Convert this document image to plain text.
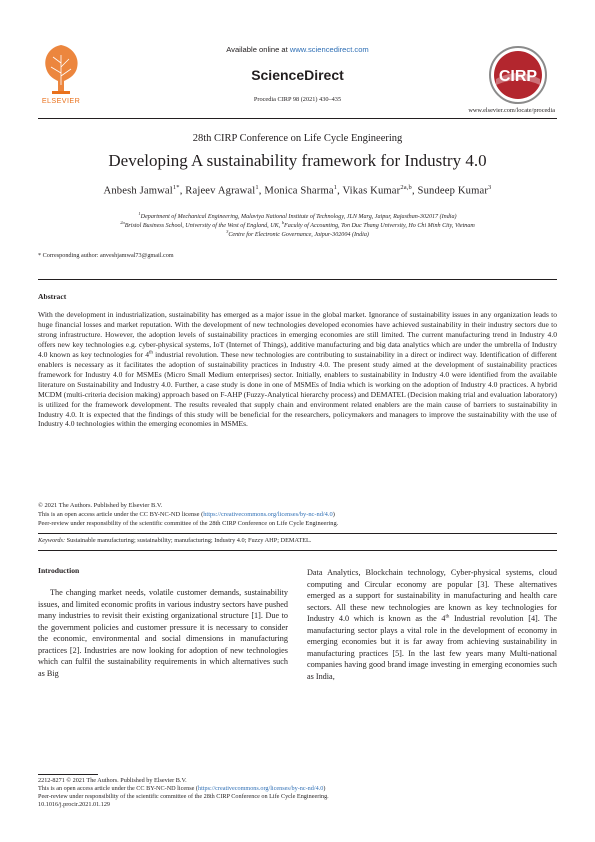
ELSEVIER
Available online at www.sciencedirect.com
ScienceDirect
Procedia CIRP 98 (2021) 430–435
CIRP
www.elsevier.com/locate/procedia
28th CIRP Conference on Life Cycle Engineering
Developing A sustainability framework for Industry 4.0
Anbesh Jamwal$^{1*}$, Rajeev Agrawal$^1$, Monica Sharma$^1$, Vikas Kumar$^{2a,b}$, Sundeep Kumar$^3$
$^1$Department of Mechanical Engineering, Malaviya National Institute of Technology, JLN Marg, Jaipur, Rajasthan-302017 (India)
$^{2a}$Bristol Business School, University of the West of England, UK, $^b$Faculty of Accounting, Ton Duc Thang University, Ho Chi Minh City, Vietnam
$^3$Centre for Electronic Governance, Jaipur-302004 (India)
* Corresponding author: anveshjamwal73@gmail.com
Abstract
With the development in industrialization, sustainability has emerged as a major issue in the global market. Ignorance of sustainability issues in any organization leads to huge financial losses and market reputation. With the development of new technologies developed economies have achieved sustainability in their industry sectors due to strong infrastructure. However, the adoption levels of sustainability practices in emerging economies are still limited. The current manufacturing trend in Industry 4.0 offers new key technologies e.g. cyber-physical systems, IoT (Internet of Things), additive manufacturing and big data analytics which are under the umbrella of Industry 4.0 known as key technologies for 4th industrial revolution. These new technologies are contributing to sustainability in a direct or indirect way. Identification of different enablers is necessary as it facilitates the adoption of sustainability practices in Industry 4.0. The present study aimed at the development of sustainability practices framework for Industry 4.0 for MSMEs (Micro Small Medium enterprises) sector. Initially, enablers to sustainability in Industry 4.0 were identified from the available literature on Sustainability and Industry 4.0. Further, a case study is done in one of MSMEs of India which is working on the adoption of Industry 4.0 practices. A hybrid MCDM (multi-criteria decision making) approach based on F-AHP (Fuzzy-Analytical hierarchy process) and DEMATEL (Decision making trial and evaluation laboratory) is utilized for the framework development. The results revealed that supply chain and environment related enablers are the main cause of barriers to sustainability in Industry 4.0. It is expected that the findings of this study will be beneficial for the researchers, policymakers and managers to improve the sustainability with the use of Industry 4.0 technologies within the emerging economies in MSMEs.
© 2021 The Authors. Published by Elsevier B.V.
This is an open access article under the CC BY-NC-ND license (https://creativecommons.org/licenses/by-nc-nd/4.0)
Peer-review under responsibility of the scientific committee of the 28th CIRP Conference on Life Cycle Engineering.
Keywords: Sustainable manufacturing; sustainability; manufacturing; Industry 4.0; Fuzzy AHP; DEMATEL.
Introduction
The changing market needs, volatile customer demands, sustainability issues, and limited economic profits in various industry sectors have pushed many industries to revisit their existing organizational structure [1]. Due to the government policies and customer pressure it is necessary to consider the economic, environmental and social dimensions in manufacturing practices [2]. Industries are now looking for adoption of new technologies which can fulfil the sustainability requirements in which alternatives such as Big
Data Analytics, Blockchain technology, Cyber-physical systems, cloud computing and Circular economy are popular [3]. These alternatives emerged as a support for sustainability in manufacturing and health care sectors. All these new technologies are known as key technologies for Industry 4.0 which is known as the 4th Industrial revolution [4]. The manufacturing sector plays a vital role in the development of economy in emerging economies but it is far away from achieving sustainability in manufacturing practices [5]. In the last few years many Multi-national companies having good brand image investing in emerging economies such as India,
2212-8271 © 2021 The Authors. Published by Elsevier B.V.
This is an open access article under the CC BY-NC-ND license (https://creativecommons.org/licenses/by-nc-nd/4.0)
Peer-review under responsibility of the scientific committee of the 28th CIRP Conference on Life Cycle Engineering.
10.1016/j.procir.2021.01.129
